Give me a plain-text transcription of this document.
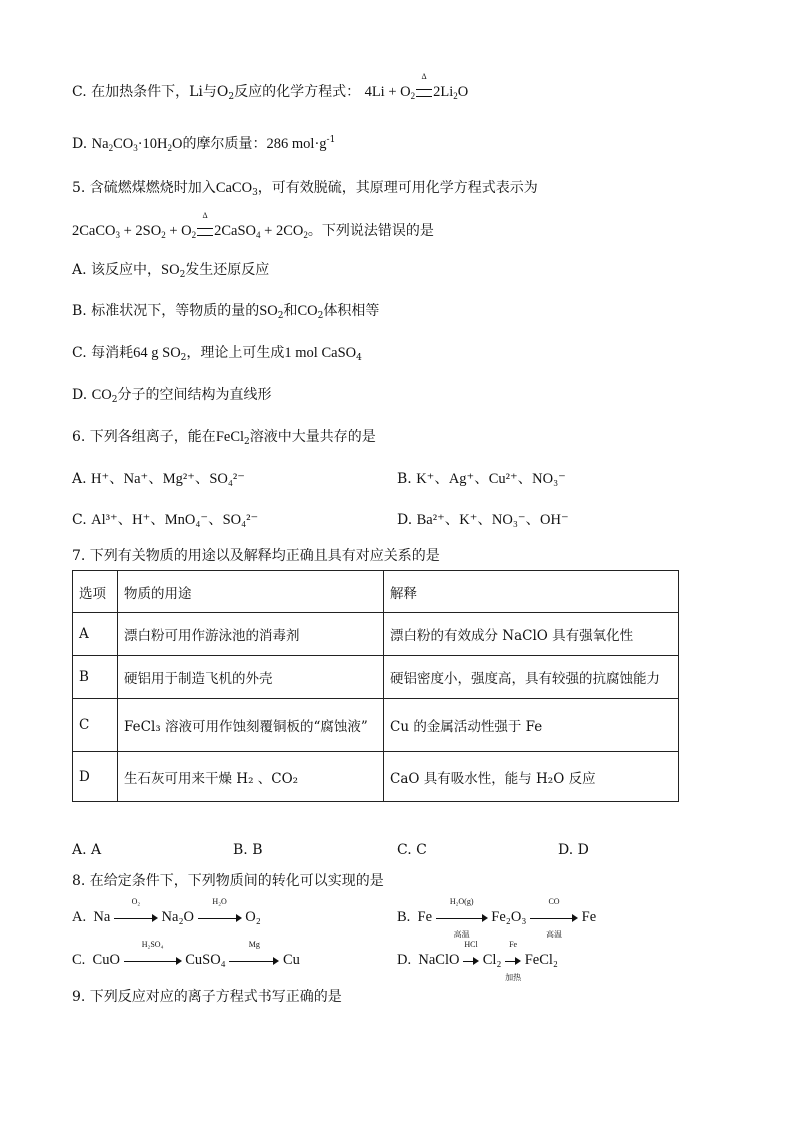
C. 在加热条件下，Li与$O_2$反应的化学方程式： $4Li + O_2$
Δ
$2Li_2O$
D. $Na_2CO_3\cdot 10H_2O$的摩尔质量：286 $mol\cdot g^{-1}$
5. 含硫燃煤燃烧时加入CaCO$_3$，可有效脱硫，其原理可用化学方程式表示为
2CaCO$_3$ + $2SO_2 + O_2$
Δ
2CaSO$_4$ + $2CO_2$。下列说法错误的是
A. 该反应中，$SO_2$发生还原反应
B. 标准状况下，等物质的量的$SO_2$和$CO_2$体积相等
C. 每消耗64 g $SO_2$，理论上可生成1 mol CaSO$_4$
D. $CO_2$分子的空间结构为直线形
6. 下列各组离子，能在FeCl$_2$溶液中大量共存的是
A. H⁺、Na⁺、Mg²⁺、SO₄²⁻	B. K⁺、Ag⁺、Cu²⁺、NO₃⁻
C. Al³⁺、H⁺、MnO₄⁻、SO₄²⁻	D. Ba²⁺、K⁺、NO₃⁻、OH⁻
7. 下列有关物质的用途以及解释均正确且具有对应关系的是
选项	物质的用途	解释
A	漂白粉可用作游泳池的消毒剂	漂白粉的有效成分 NaClO 具有强氧化性
B	硬铝用于制造飞机的外壳	硬铝密度小，强度高，具有较强的抗腐蚀能力
C	FeCl₃ 溶液可用作蚀刻覆铜板的“腐蚀液”	Cu 的金属活动性强于 Fe
D	生石灰可用来干燥 H₂ 、CO₂	CaO 具有吸水性，能与 H₂O 反应
A. A	B. B	C. C	D. D
8. 在给定条件下，下列物质间的转化可以实现的是
A. Na
O₂
Na₂O
H₂O
O₂	B. Fe
H₂O(g)
高温
Fe₂O₃
CO
高温
Fe
C. CuO
H₂SO₄
CuSO₄
Mg
Cu	D. NaClO
HCl
Cl₂
Fe
加热
FeCl₂
9. 下列反应对应的离子方程式书写正确的是
